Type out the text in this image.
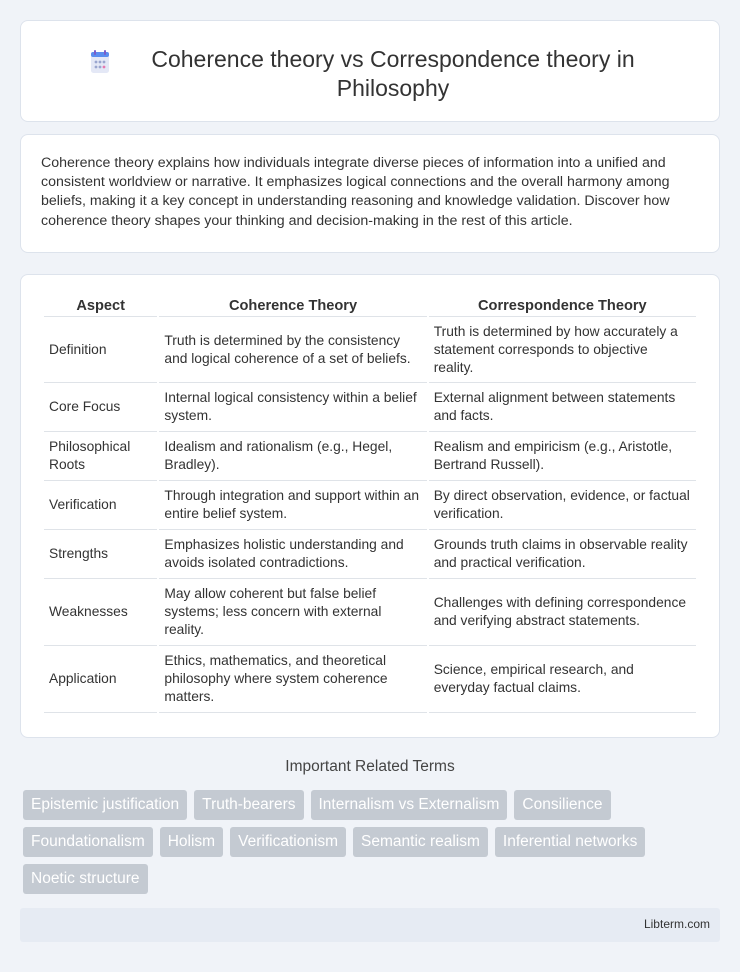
Coherence theory vs Correspondence theory in Philosophy

Coherence theory explains how individuals integrate diverse pieces of information into a unified and consistent worldview or narrative. It emphasizes logical connections and the overall harmony among beliefs, making it a key concept in understanding reasoning and knowledge validation. Discover how coherence theory shapes your thinking and decision-making in the rest of this article.

Aspect	Coherence Theory	Correspondence Theory
Definition	Truth is determined by the consistency and logical coherence of a set of beliefs.	Truth is determined by how accurately a statement corresponds to objective reality.
Core Focus	Internal logical consistency within a belief system.	External alignment between statements and facts.
Philosophical Roots	Idealism and rationalism (e.g., Hegel, Bradley).	Realism and empiricism (e.g., Aristotle, Bertrand Russell).
Verification	Through integration and support within an entire belief system.	By direct observation, evidence, or factual verification.
Strengths	Emphasizes holistic understanding and avoids isolated contradictions.	Grounds truth claims in observable reality and practical verification.
Weaknesses	May allow coherent but false belief systems; less concern with external reality.	Challenges with defining correspondence and verifying abstract statements.
Application	Ethics, mathematics, and theoretical philosophy where system coherence matters.	Science, empirical research, and everyday factual claims.
Important Related Terms
Epistemic justification	Truth-bearers	Internalism vs Externalism	Consilience
Foundationalism	Holism	Verificationism	Semantic realism	Inferential networks
Noetic structure
Libterm.com
